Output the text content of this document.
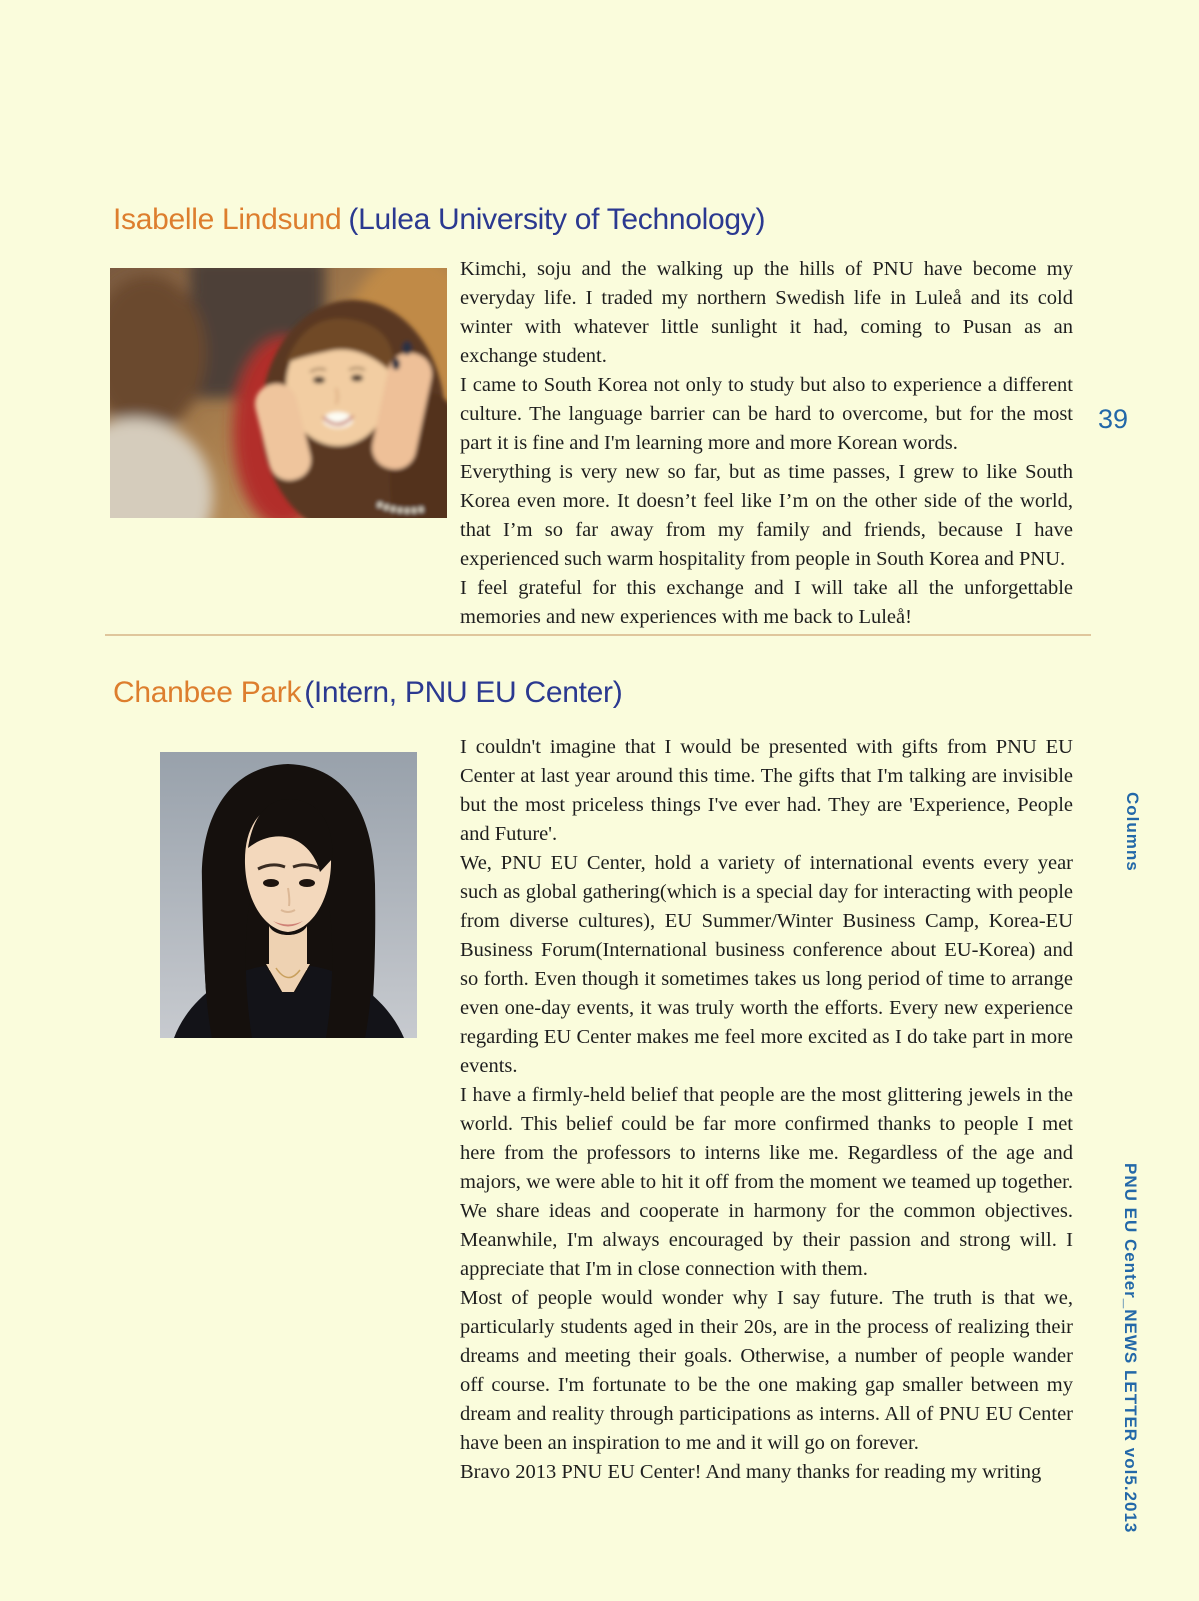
Isabelle Lindsund (Lulea University of Technology)

Kimchi, soju and the walking up the hills of PNU have become my everyday life. I traded my northern Swedish life in Luleå and its cold winter with whatever little sunlight it had, coming to Pusan as an exchange student.

I came to South Korea not only to study but also to experience a different culture. The language barrier can be hard to overcome, but for the most part it is fine and I'm learning more and more Korean words.

Everything is very new so far, but as time passes, I grew to like South Korea even more. It doesn’t feel like I’m on the other side of the world, that I’m so far away from my family and friends, because I have experienced such warm hospitality from people in South Korea and PNU.

I feel grateful for this exchange and I will take all the unforgettable memories and new experiences with me back to Luleå!

Chanbee Park (Intern, PNU EU Center)

I couldn't imagine that I would be presented with gifts from PNU EU Center at last year around this time. The gifts that I'm talking are invisible but the most priceless things I've ever had. They are 'Experience, People and Future'.

We, PNU EU Center, hold a variety of international events every year such as global gathering(which is a special day for interacting with people from diverse cultures), EU Summer/Winter Business Camp, Korea-EU Business Forum(International business conference about EU-Korea) and so forth. Even though it sometimes takes us long period of time to arrange even one-day events, it was truly worth the efforts. Every new experience regarding EU Center makes me feel more excited as I do take part in more events.

I have a firmly-held belief that people are the most glittering jewels in the world. This belief could be far more confirmed thanks to people I met here from the professors to interns like me. Regardless of the age and majors, we were able to hit it off from the moment we teamed up together. We share ideas and cooperate in harmony for the common objectives. Meanwhile, I'm always encouraged by their passion and strong will. I appreciate that I'm in close connection with them.

Most of people would wonder why I say future. The truth is that we, particularly students aged in their 20s, are in the process of realizing their dreams and meeting their goals. Otherwise, a number of people wander off course. I'm fortunate to be the one making gap smaller between my dream and reality through participations as interns. All of PNU EU Center have been an inspiration to me and it will go on forever.

Bravo 2013 PNU EU Center! And many thanks for reading my writing

39
Columns
PNU EU Center_NEWS LETTER vol5.2013
